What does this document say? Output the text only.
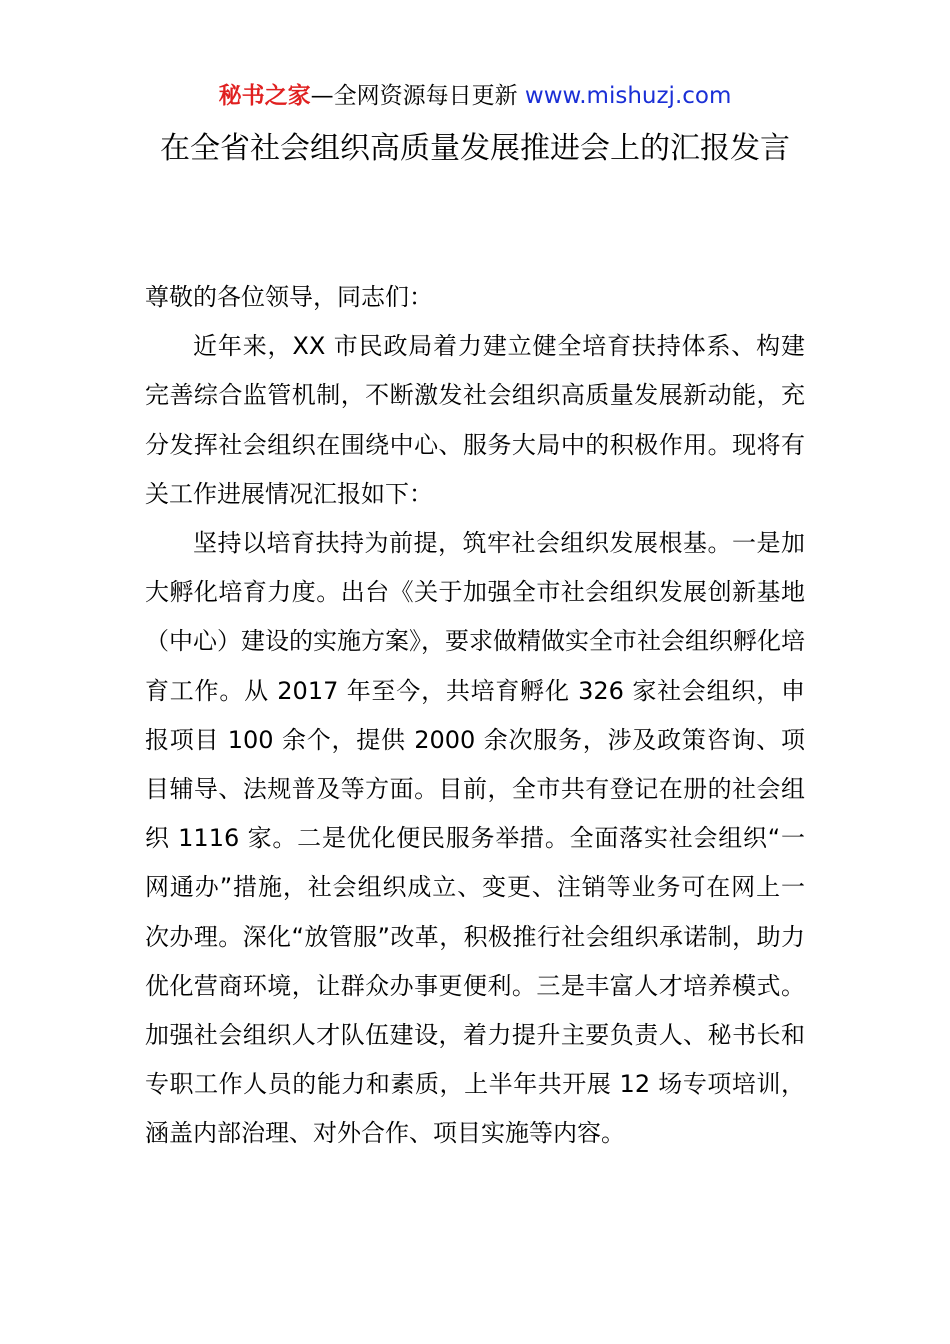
秘书之家—全网资源每日更新 www.mishuzj.com
在全省社会组织高质量发展推进会上的汇报发言

尊敬的各位领导，同志们：

近年来，XX 市民政局着力建立健全培育扶持体系、构建完善综合监管机制，不断激发社会组织高质量发展新动能，充分发挥社会组织在围绕中心、服务大局中的积极作用。现将有关工作进展情况汇报如下：

坚持以培育扶持为前提，筑牢社会组织发展根基。一是加大孵化培育力度。出台《关于加强全市社会组织发展创新基地（中心）建设的实施方案》，要求做精做实全市社会组织孵化培育工作。从 2017 年至今，共培育孵化 326 家社会组织，申报项目 100 余个，提供 2000 余次服务，涉及政策咨询、项目辅导、法规普及等方面。目前，全市共有登记在册的社会组织 1116 家。二是优化便民服务举措。全面落实社会组织“一网通办”措施，社会组织成立、变更、注销等业务可在网上一次办理。深化“放管服”改革，积极推行社会组织承诺制，助力优化营商环境，让群众办事更便利。三是丰富人才培养模式。加强社会组织人才队伍建设，着力提升主要负责人、秘书长和专职工作人员的能力和素质，上半年共开展 12 场专项培训，涵盖内部治理、对外合作、项目实施等内容。
